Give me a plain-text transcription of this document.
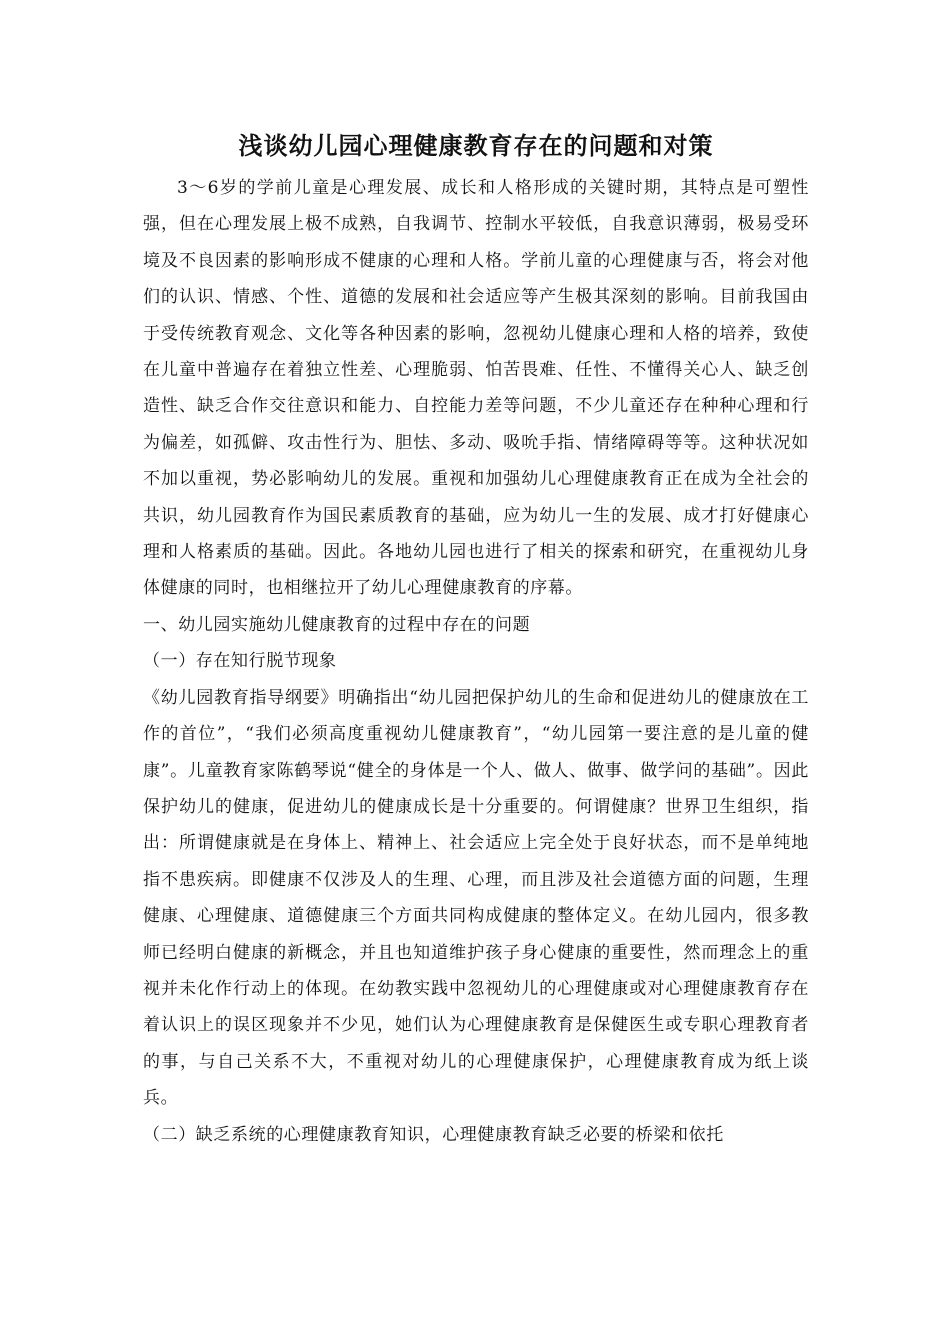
浅谈幼儿园心理健康教育存在的问题和对策

3～6岁的学前儿童是心理发展、成长和人格形成的关键时期，其特点是可塑性强，但在心理发展上极不成熟，自我调节、控制水平较低，自我意识薄弱，极易受环境及不良因素的影响形成不健康的心理和人格。学前儿童的心理健康与否，将会对他们的认识、情感、个性、道德的发展和社会适应等产生极其深刻的影响。目前我国由于受传统教育观念、文化等各种因素的影响，忽视幼儿健康心理和人格的培养，致使在儿童中普遍存在着独立性差、心理脆弱、怕苦畏难、任性、不懂得关心人、缺乏创造性、缺乏合作交往意识和能力、自控能力差等问题，不少儿童还存在种种心理和行为偏差，如孤僻、攻击性行为、胆怯、多动、吸吮手指、情绪障碍等等。这种状况如不加以重视，势必影响幼儿的发展。重视和加强幼儿心理健康教育正在成为全社会的共识，幼儿园教育作为国民素质教育的基础，应为幼儿一生的发展、成才打好健康心理和人格素质的基础。因此。各地幼儿园也进行了相关的探索和研究，在重视幼儿身体健康的同时，也相继拉开了幼儿心理健康教育的序幕。

一、幼儿园实施幼儿健康教育的过程中存在的问题

（一）存在知行脱节现象

《幼儿园教育指导纲要》明确指出“幼儿园把保护幼儿的生命和促进幼儿的健康放在工作的首位”，“我们必须高度重视幼儿健康教育”，“幼儿园第一要注意的是儿童的健康”。儿童教育家陈鹤琴说“健全的身体是一个人、做人、做事、做学问的基础”。因此保护幼儿的健康，促进幼儿的健康成长是十分重要的。何谓健康？世界卫生组织，指出：所谓健康就是在身体上、精神上、社会适应上完全处于良好状态，而不是单纯地指不患疾病。即健康不仅涉及人的生理、心理，而且涉及社会道德方面的问题，生理健康、心理健康、道德健康三个方面共同构成健康的整体定义。在幼儿园内，很多教师已经明白健康的新概念，并且也知道维护孩子身心健康的重要性，然而理念上的重视并未化作行动上的体现。在幼教实践中忽视幼儿的心理健康或对心理健康教育存在着认识上的误区现象并不少见，她们认为心理健康教育是保健医生或专职心理教育者的事，与自己关系不大，不重视对幼儿的心理健康保护，心理健康教育成为纸上谈兵。

（二）缺乏系统的心理健康教育知识，心理健康教育缺乏必要的桥梁和依托
